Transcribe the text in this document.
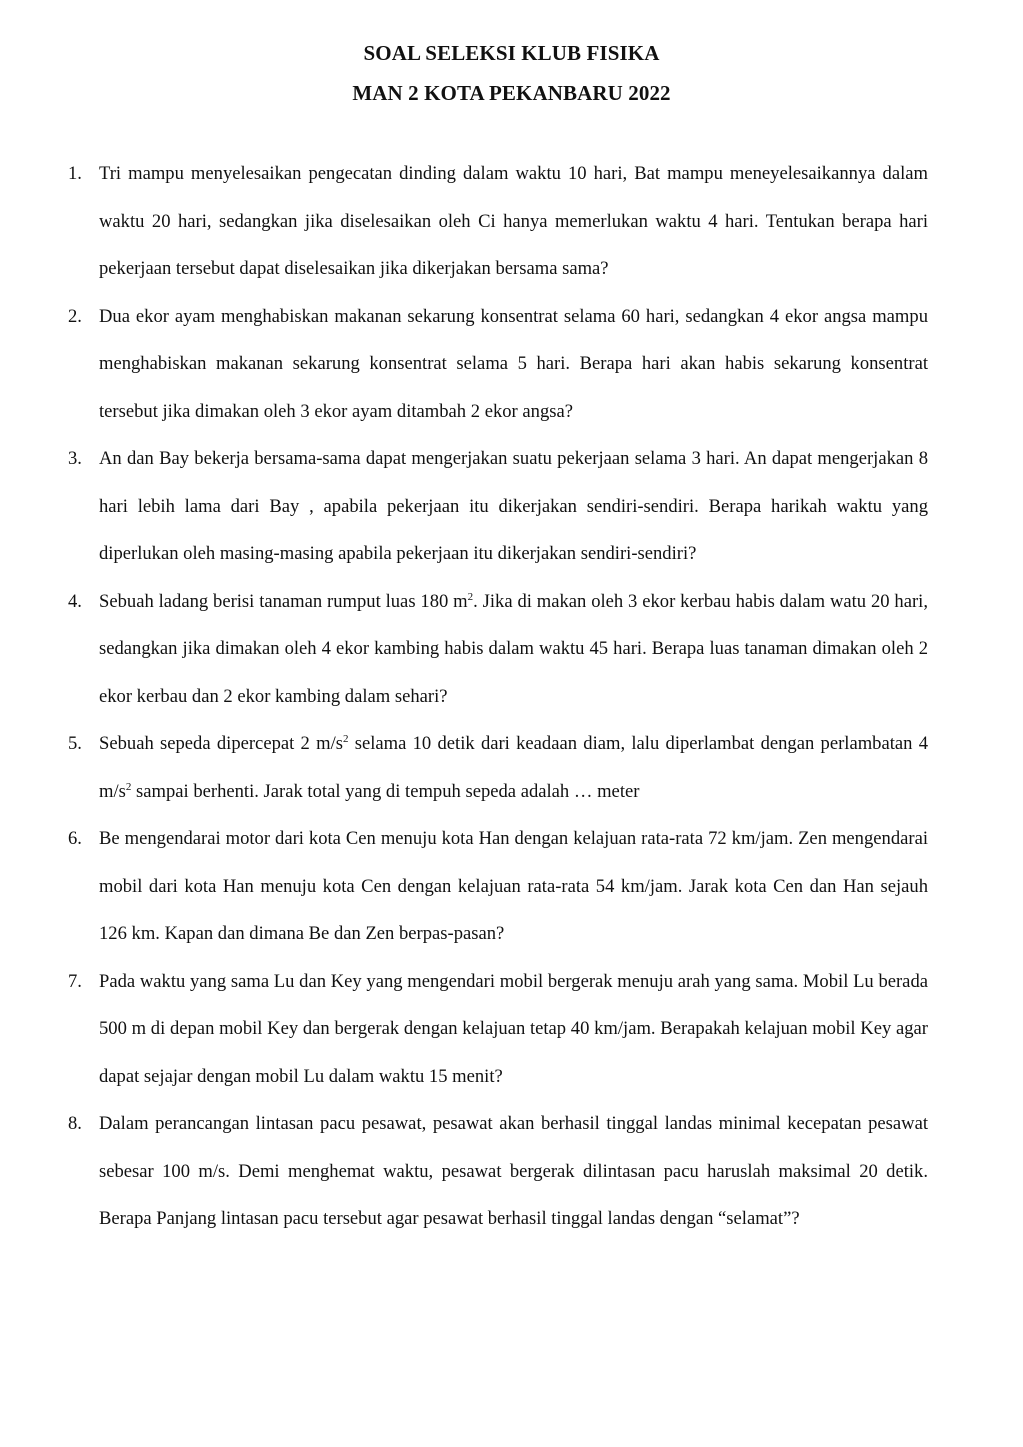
SOAL SELEKSI KLUB FISIKA
MAN 2 KOTA PEKANBARU 2022
1. Tri mampu menyelesaikan pengecatan dinding dalam waktu 10 hari, Bat mampu meneyelesaikannya dalam waktu 20 hari, sedangkan jika diselesaikan oleh Ci hanya memerlukan waktu 4 hari. Tentukan berapa hari pekerjaan tersebut dapat diselesaikan jika dikerjakan bersama sama?
2. Dua ekor ayam menghabiskan makanan sekarung konsentrat selama 60 hari, sedangkan 4 ekor angsa mampu menghabiskan makanan sekarung konsentrat selama 5 hari. Berapa hari akan habis sekarung konsentrat tersebut jika dimakan oleh 3 ekor ayam ditambah 2 ekor angsa?
3. An dan Bay bekerja bersama-sama dapat mengerjakan suatu pekerjaan selama 3 hari. An dapat mengerjakan 8 hari lebih lama dari Bay , apabila pekerjaan itu dikerjakan sendiri-sendiri. Berapa harikah waktu yang diperlukan oleh masing-masing apabila pekerjaan itu dikerjakan sendiri-sendiri?
4. Sebuah ladang berisi tanaman rumput luas 180 $m^2$. Jika di makan oleh 3 ekor kerbau habis dalam watu 20 hari, sedangkan jika dimakan oleh 4 ekor kambing habis dalam waktu 45 hari. Berapa luas tanaman dimakan oleh 2 ekor kerbau dan 2 ekor kambing dalam sehari?
5. Sebuah sepeda dipercepat 2 $m/s^2$ selama 10 detik dari keadaan diam, lalu diperlambat dengan perlambatan 4 $m/s^2$ sampai berhenti. Jarak total yang di tempuh sepeda adalah … meter
6. Be mengendarai motor dari kota Cen menuju kota Han dengan kelajuan rata-rata 72 km/jam. Zen mengendarai mobil dari kota Han menuju kota Cen dengan kelajuan rata-rata 54 km/jam. Jarak kota Cen dan Han sejauh 126 km. Kapan dan dimana Be dan Zen berpas-pasan?
7. Pada waktu yang sama Lu dan Key yang mengendari mobil bergerak menuju arah yang sama. Mobil Lu berada 500 m di depan mobil Key dan bergerak dengan kelajuan tetap 40 km/jam. Berapakah kelajuan mobil Key agar dapat sejajar dengan mobil Lu dalam waktu 15 menit?
8. Dalam perancangan lintasan pacu pesawat, pesawat akan berhasil tinggal landas minimal kecepatan pesawat sebesar 100 m/s. Demi menghemat waktu, pesawat bergerak dilintasan pacu haruslah maksimal 20 detik. Berapa Panjang lintasan pacu tersebut agar pesawat berhasil tinggal landas dengan “selamat”?
